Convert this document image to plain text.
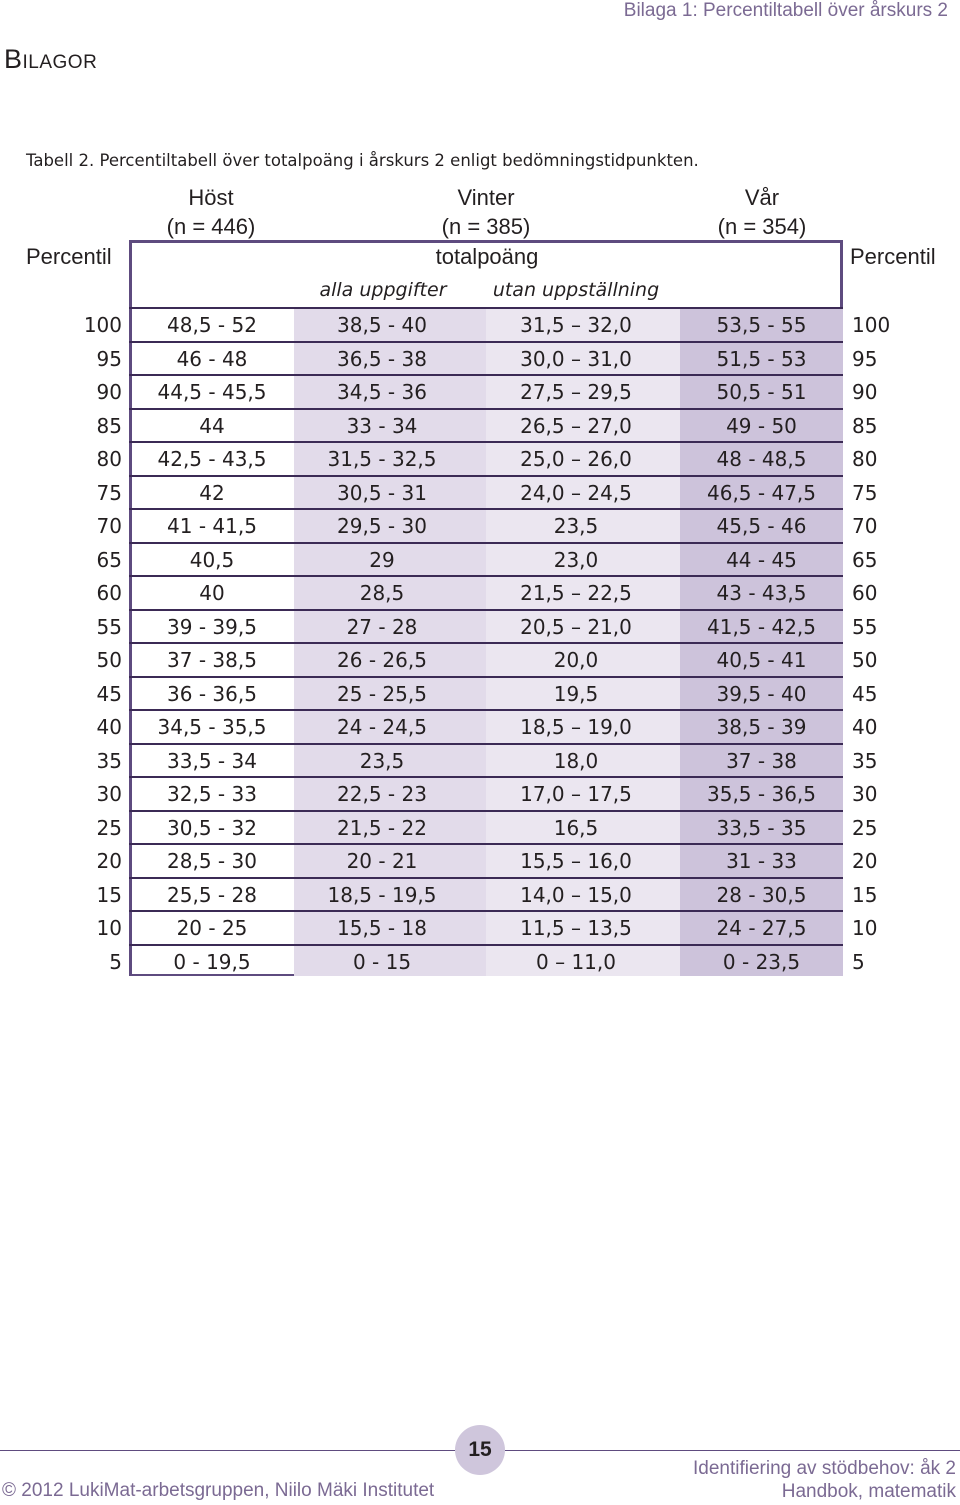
Bilaga 1: Percentiltabell över årskurs 2
Bilagor

Tabell 2. Percentiltabell över totalpoäng i årskurs 2 enligt bedömningstidpunkten.

Höst
(n = 446)
Vinter
(n = 385)
Vår
(n = 354)
Percentil	Percentil
totalpoäng
alla uppgifter	utan uppställning
100	48,5 - 52	38,5 - 40	31,5 – 32,0	53,5 - 55	100
95	46 - 48	36,5 - 38	30,0 – 31,0	51,5 - 53	95
90	44,5 - 45,5	34,5 - 36	27,5 – 29,5	50,5 - 51	90
85	44	33 - 34	26,5 – 27,0	49 - 50	85
80	42,5 - 43,5	31,5 - 32,5	25,0 – 26,0	48 - 48,5	80
75	42	30,5 - 31	24,0 – 24,5	46,5 - 47,5	75
70	41 - 41,5	29,5 - 30	23,5	45,5 - 46	70
65	40,5	29	23,0	44 - 45	65
60	40	28,5	21,5 – 22,5	43 - 43,5	60
55	39 - 39,5	27 - 28	20,5 – 21,0	41,5 - 42,5	55
50	37 - 38,5	26 - 26,5	20,0	40,5 - 41	50
45	36 - 36,5	25 - 25,5	19,5	39,5 - 40	45
40	34,5 - 35,5	24 - 24,5	18,5 – 19,0	38,5 - 39	40
35	33,5 - 34	23,5	18,0	37 - 38	35
30	32,5 - 33	22,5 - 23	17,0 – 17,5	35,5 - 36,5	30
25	30,5 - 32	21,5 - 22	16,5	33,5 - 35	25
20	28,5 - 30	20 - 21	15,5 – 16,0	31 - 33	20
15	25,5 - 28	18,5 - 19,5	14,0 – 15,0	28 - 30,5	15
10	20 - 25	15,5 - 18	11,5 – 13,5	24 - 27,5	10
5	0 - 19,5	0 - 15	0 – 11,0	0 - 23,5	5
15
© 2012 LukiMat-arbetsgruppen, Niilo Mäki Institutet
Identifiering av stödbehov: åk 2
Handbok, matematik
